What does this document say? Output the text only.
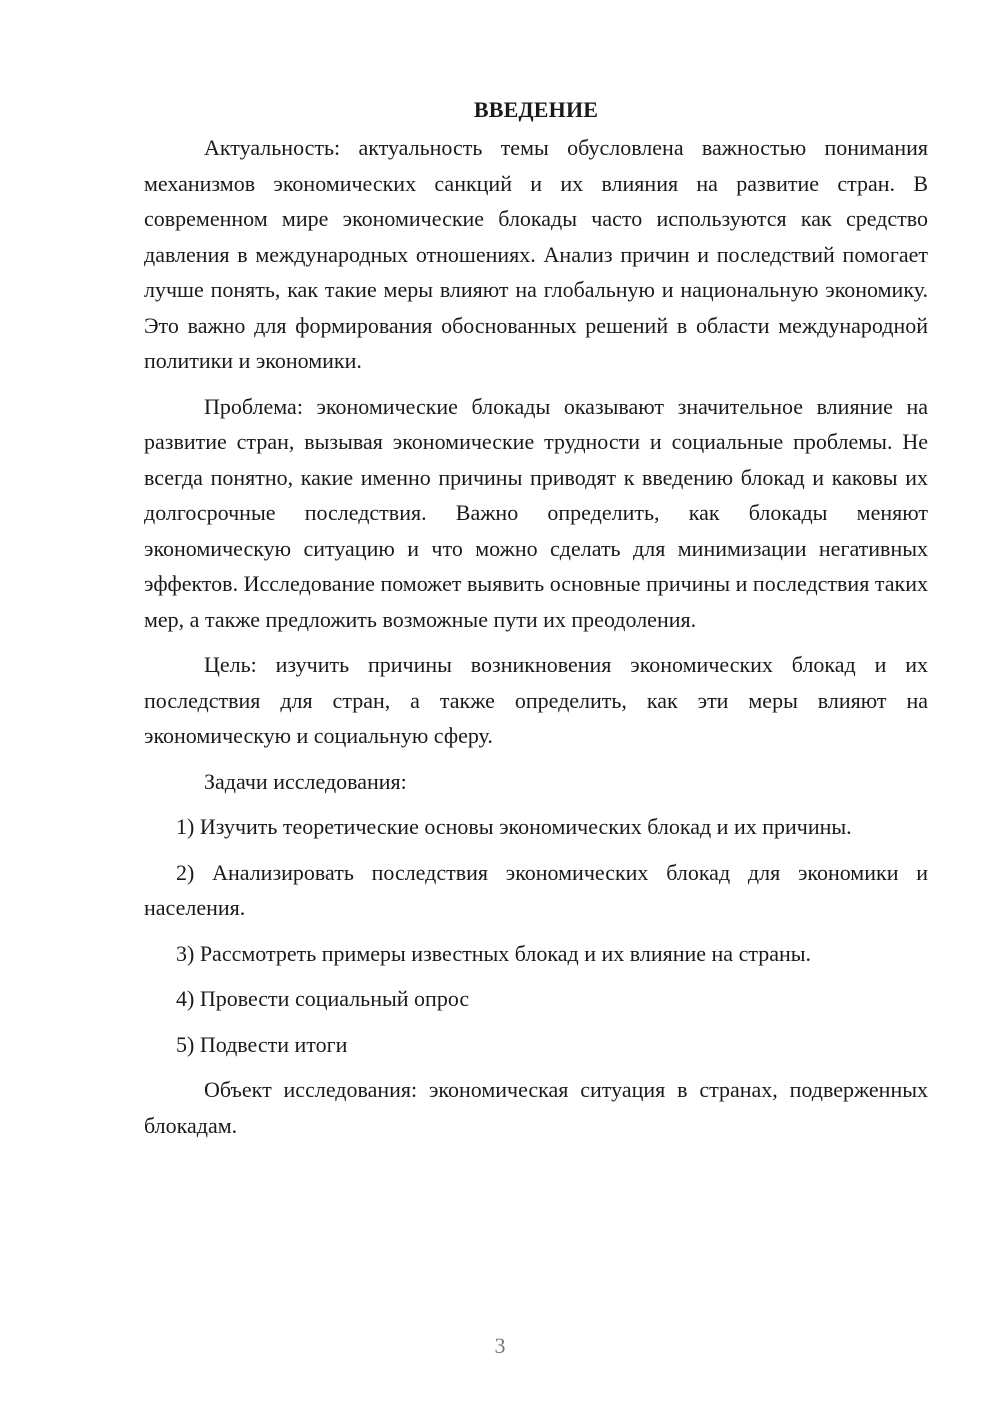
ВВЕДЕНИЕ

Актуальность: актуальность темы обусловлена важностью понимания механизмов экономических санкций и их влияния на развитие стран. В современном мире экономические блокады часто используются как средство давления в международных отношениях. Анализ причин и последствий помогает лучше понять, как такие меры влияют на глобальную и национальную экономику. Это важно для формирования обоснованных решений в области международной политики и экономики.

Проблема: экономические блокады оказывают значительное влияние на развитие стран, вызывая экономические трудности и социальные проблемы. Не всегда понятно, какие именно причины приводят к введению блокад и каковы их долгосрочные последствия. Важно определить, как блокады меняют экономическую ситуацию и что можно сделать для минимизации негативных эффектов. Исследование поможет выявить основные причины и последствия таких мер, а также предложить возможные пути их преодоления.

Цель: изучить причины возникновения экономических блокад и их последствия для стран, а также определить, как эти меры влияют на экономическую и социальную сферу.

Задачи исследования:

1) Изучить теоретические основы экономических блокад и их причины.

2) Анализировать последствия экономических блокад для экономики и населения.

3) Рассмотреть примеры известных блокад и их влияние на страны.

4) Провести социальный опрос

5) Подвести итоги

Объект исследования: экономическая ситуация в странах, подверженных блокадам.

3
